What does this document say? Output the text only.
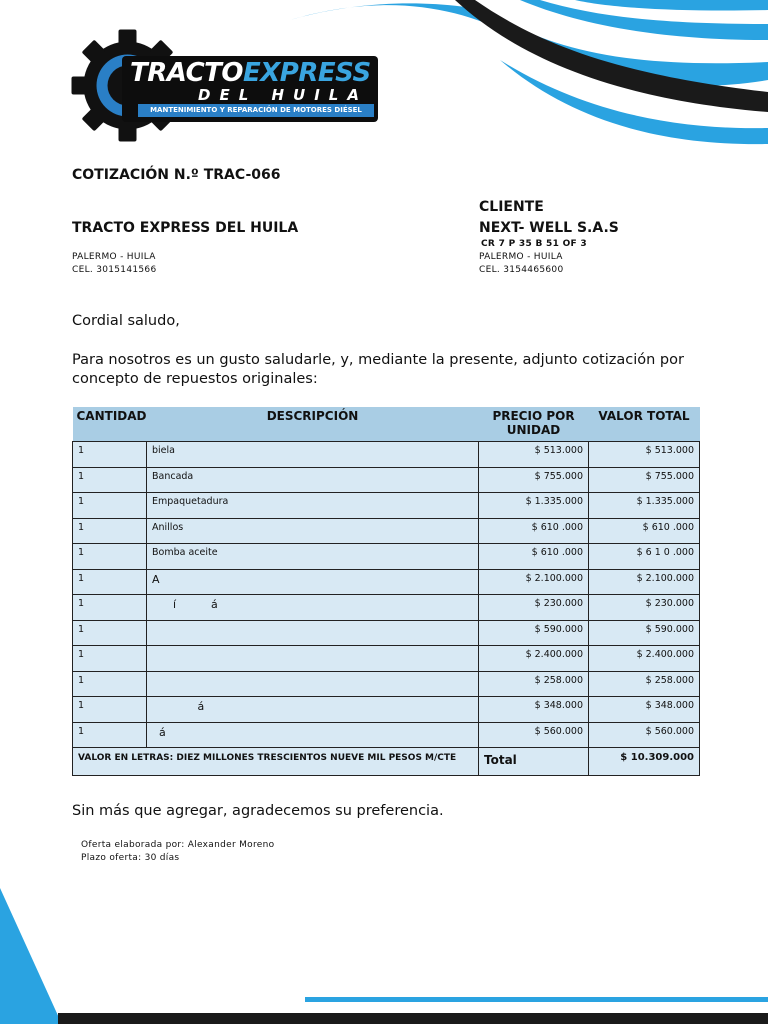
TRACTOEXPRESS
DEL HUILA
MANTENIMIENTO Y REPARACIÓN DE MOTORES DIÉSEL
COTIZACIÓN N.º TRAC-066
TRACTO EXPRESS DEL HUILA
PALERMO - HUILA
CEL. 3015141566
CLIENTE
NEXT- WELL S.A.S
CR 7 P 35 B 51 OF 3
PALERMO - HUILA
CEL. 3154465600
Cordial saludo,
Para nosotros es un gusto saludarle, y, mediante la presente, adjunto cotización por concepto de repuestos originales:
CANTIDAD	DESCRIPCIÓN	PRECIO POR UNIDAD	VALOR TOTAL
1	biela	$ 513.000	$ 513.000
1	Bancada	$ 755.000	$ 755.000
1	Empaquetadura	$ 1.335.000	$ 1.335.000
1	Anillos	$ 610 .000	$ 610 .000
1	Bomba aceite	$ 610 .000	$ 6 1 0 .000
1	A	$ 2.100.000	$ 2.100.000
1	í          á	$ 230.000	$ 230.000
1		$ 590.000	$ 590.000
1		$ 2.400.000	$ 2.400.000
1		$ 258.000	$ 258.000
1	á	$ 348.000	$ 348.000
1	á	$ 560.000	$ 560.000
VALOR EN LETRAS: DIEZ MILLONES TRESCIENTOS NUEVE MIL PESOS M/CTE		Total	$ 10.309.000
Sin más que agregar, agradecemos su preferencia.
Oferta elaborada por: Alexander Moreno
Plazo oferta: 30 días
